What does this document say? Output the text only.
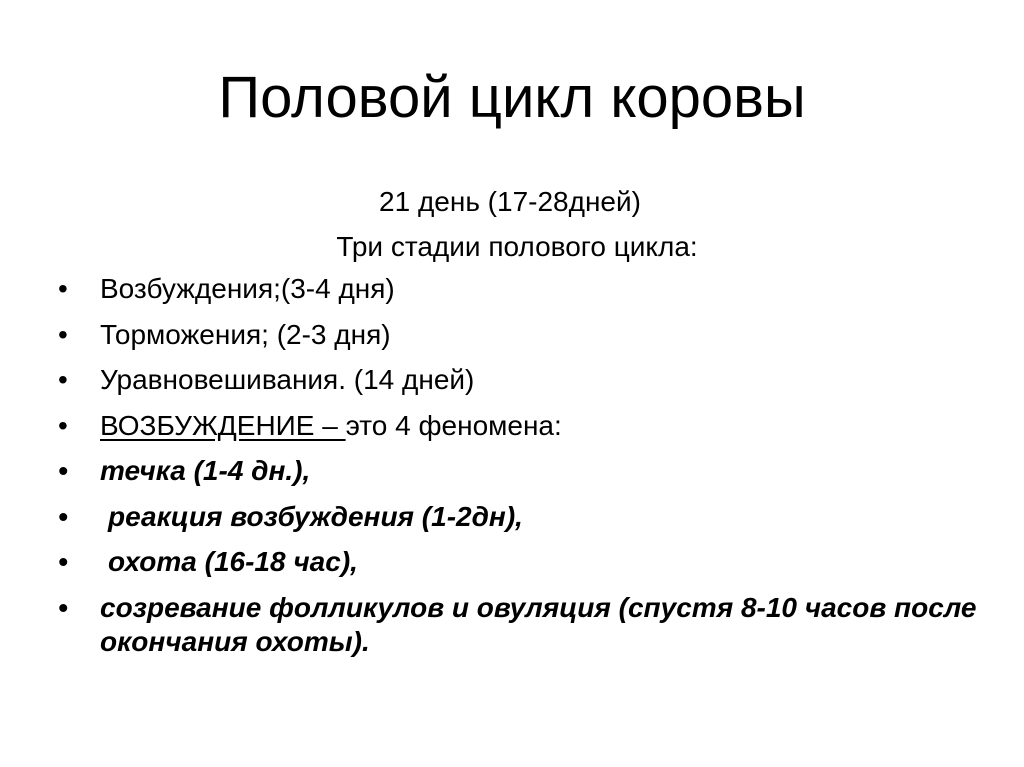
Половой цикл коровы
21 день (17-28дней)
Три стадии полового цикла:
•	Возбуждения;(3-4 дня)
•	Торможения; (2-3 дня)
•	Уравновешивания. (14 дней)
•	ВОЗБУЖДЕНИЕ – это 4 феномена:
•	течка (1-4 дн.),
•	реакция возбуждения (1-2дн),
•	охота (16-18 час),
•	созревание фолликулов и овуляция (спустя 8-10 часов после окончания охоты).
